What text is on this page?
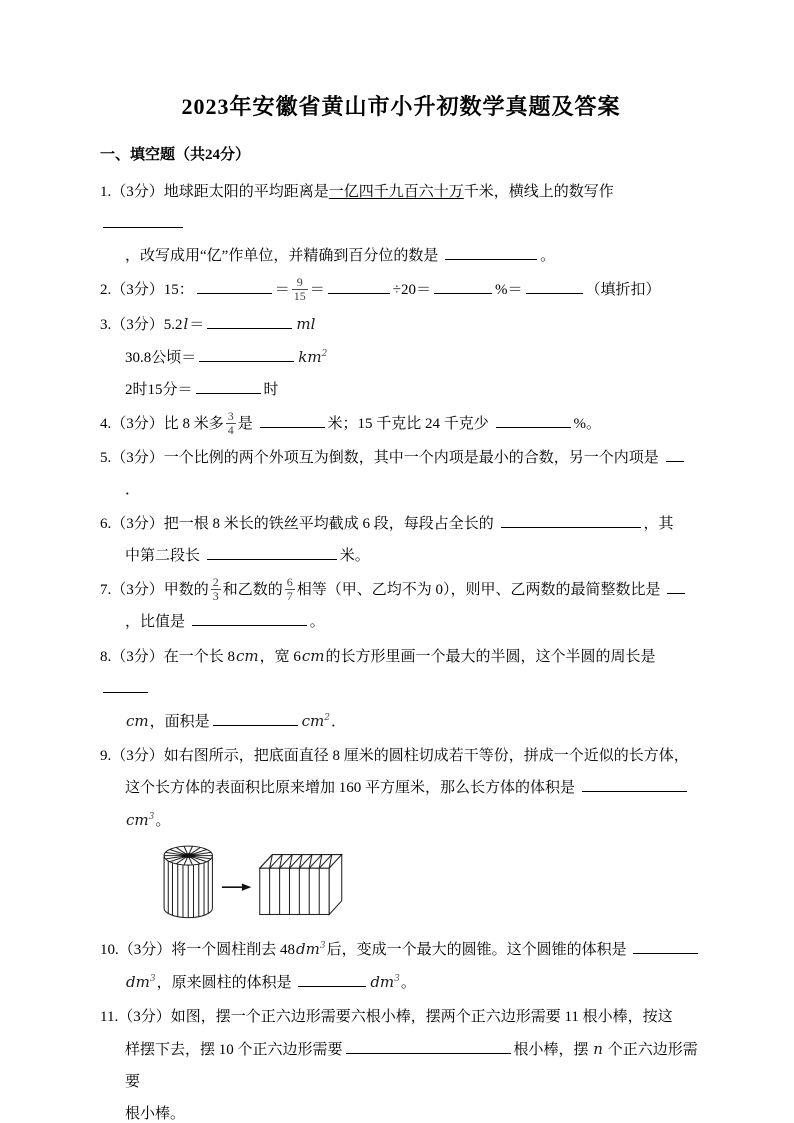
2023年安徽省黄山市小升初数学真题及答案
一、填空题（共24分）
1.（3分）地球距太阳的平均距离是一亿四千九百六十万千米，横线上的数写作
，改写成用“亿”作单位，并精确到百分位的数是	。
2.（3分）15：	＝ $\frac{9}{15}$ ＝	÷20＝	%＝	（填折扣）
3.（3分）5.2l＝	ml
30.8公顷＝	$km^2$
2时15分＝	时
4.（3分）比 8 米多 $\frac{3}{4}$ 是	米；15 千克比 24 千克少	%。
5.（3分）一个比例的两个外项互为倒数，其中一个内项是最小的合数，另一个内项是
．
6.（3分）把一根 8 米长的铁丝平均截成 6 段，每段占全长的	，其
中第二段长	米。
7.（3分）甲数的 $\frac{2}{3}$ 和乙数的 $\frac{6}{7}$ 相等（甲、乙均不为 0），则甲、乙两数的最简整数比是
，比值是	。
8.（3分）在一个长 8cm，宽 6cm的长方形里画一个最大的半圆，这个半圆的周长是
cm，面积是	$cm^2$．
9.（3分）如右图所示，把底面直径 8 厘米的圆柱切成若干等份，拼成一个近似的长方体，
这个长方体的表面积比原来增加 160 平方厘米，那么长方体的体积是
$cm^3$。
10.（3分）将一个圆柱削去 $48dm^3$后，变成一个最大的圆锥。这个圆锥的体积是
$dm^3$，原来圆柱的体积是	$dm^3$。
11.（3分）如图，摆一个正六边形需要六根小棒，摆两个正六边形需要 11 根小棒，按这
样摆下去，摆 10 个正六边形需要	根小棒，摆 n 个正六边形需要
根小棒。
